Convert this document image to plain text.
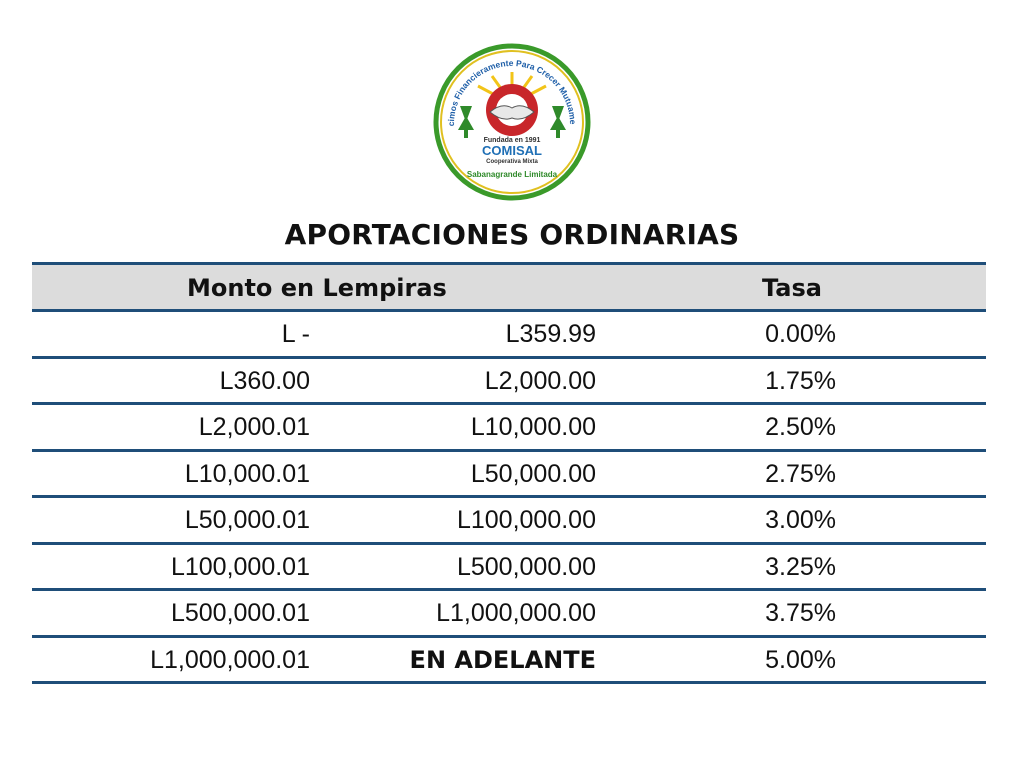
cimos Financieramente Para Crecer Mutuame
Fundada en 1991
COMISAL
Cooperativa Mixta
Sabanagrande Limitada
APORTACIONES ORDINARIAS
Monto en Lempiras	Tasa
L -	L359.99	0.00%
L360.00	L2,000.00	1.75%
L2,000.01	L10,000.00	2.50%
L10,000.01	L50,000.00	2.75%
L50,000.01	L100,000.00	3.00%
L100,000.01	L500,000.00	3.25%
L500,000.01	L1,000,000.00	3.75%
L1,000,000.01	EN ADELANTE	5.00%
